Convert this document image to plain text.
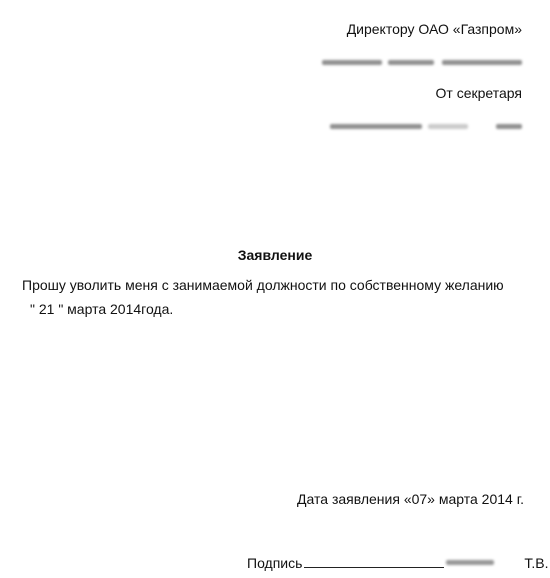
Директору ОАО «Газпром»
От секретаря
Заявление
Прошу уволить меня с занимаемой должности по собственному желанию
" 21 " марта 2014года.
Дата заявления «07» марта 2014 г.
Подпись	Т.В.
